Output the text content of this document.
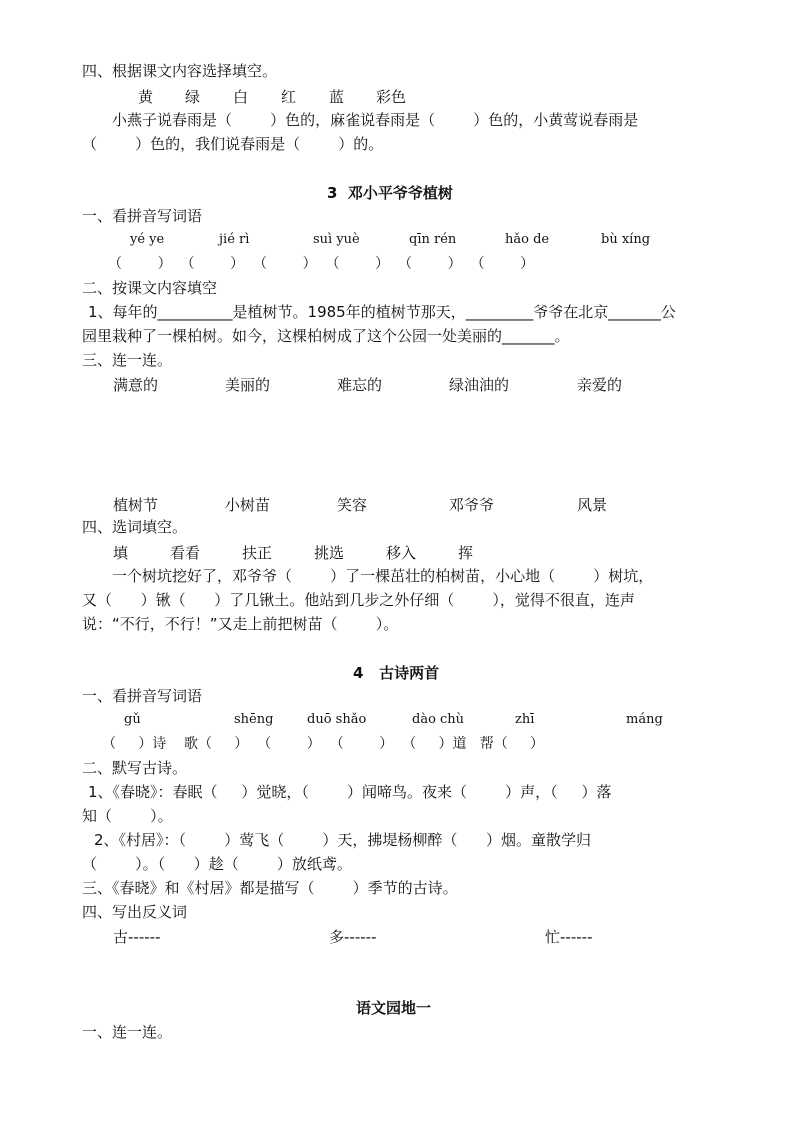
四、根据课文内容选择填空。
黄 绿 白 红 蓝 彩色
小燕子说春雨是（        ）色的，麻雀说春雨是（        ）色的，小黄莺说春雨是
（        ）色的，我们说春雨是（        ）的。
3  邓小平爷爷植树
一、看拼音写词语
yé ye	jié rì	suì yuè	qīn rén	hǎo de	bù xíng
（        ）  （        ）  （        ）  （        ）  （        ）  （        ）
二、按课文内容填空
1、每年的__________是植树节。1985年的植树节那天，_________爷爷在北京_______公
园里栽种了一棵柏树。如今，这棵柏树成了这个公园一处美丽的_______。
三、连一连。
满意的	美丽的	难忘的	绿油油的	亲爱的
植树节	小树苗	笑容	邓爷爷	风景
四、选词填空。
填	看看	扶正	挑选	移入	挥
一个树坑挖好了，邓爷爷（        ）了一棵茁壮的柏树苗，小心地（        ）树坑，
又（      ）锹（      ）了几锹土。他站到几步之外仔细（        ），觉得不很直，连声
说：“不行，不行！”又走上前把树苗（        ）。
4   古诗两首
一、看拼音写词语
gǔ	shēng	duō shǎo	dào chù	zhī	máng
（     ）诗    歌（     ）  （        ）  （        ）  （     ）道   帮（     ）
二、默写古诗。
1、《春晓》：春眠（     ）觉晓，（        ）闻啼鸟。夜来（        ）声，（     ）落
知（        ）。
2、《村居》：（        ）莺飞（        ）天，拂堤杨柳醉（      ）烟。童散学归
（        ）。（      ）趁（        ）放纸鸢。
三、《春晓》和《村居》都是描写（        ）季节的古诗。
四、写出反义词
古------	多------	忙------
语文园地一
一、连一连。
